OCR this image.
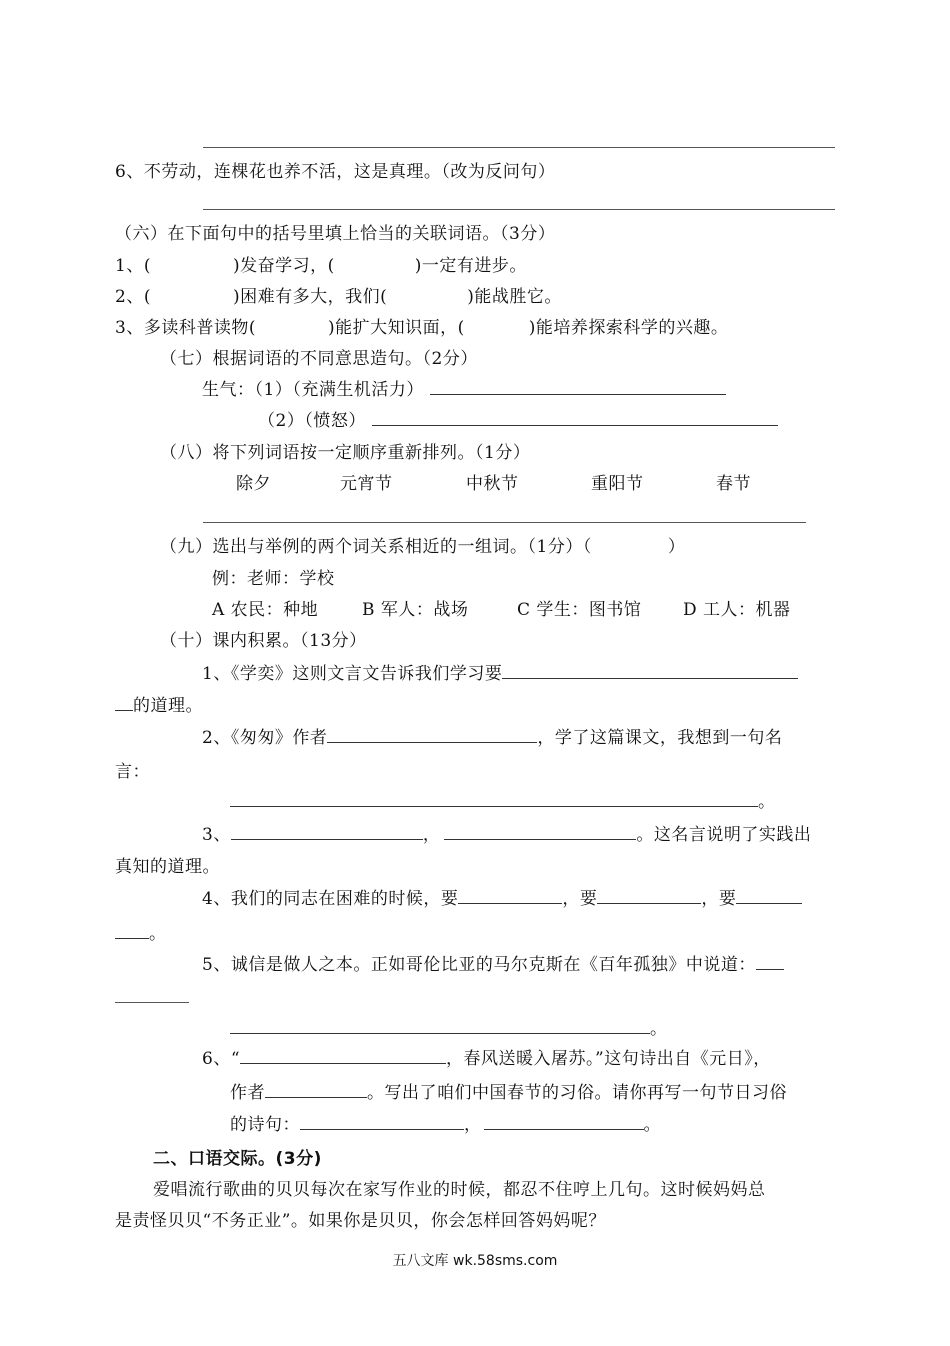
6、不劳动，连棵花也养不活，这是真理。（改为反问句）
（六）在下面句中的括号里填上恰当的关联词语。（3分）
1、(	)发奋学习，(	)一定有进步。
2、(	)困难有多大，我们(	)能战胜它。
3、多读科普读物(	)能扩大知识面，(	)能培养探索科学的兴趣。
（七）根据词语的不同意思造句。（2分）
生气：（1）（充满生机活力）
（2）（愤怒）
（八）将下列词语按一定顺序重新排列。（1分）
除夕	元宵节	中秋节	重阳节	春节
（九）选出与举例的两个词关系相近的一组词。（1分）（	）
例：老师：学校
A 农民：种地	B 军人：战场	C 学生：图书馆 D 工人：机器
（十）课内积累。（13分）
1、《学奕》这则文言文告诉我们学习要
的道理。
2、《匆匆》作者	，学了这篇课文，我想到一句名
言：
。
3、	，	。这名言说明了实践出
真知的道理。
4、我们的同志在困难的时候，要	，要	，要
。
5、诚信是做人之本。正如哥伦比亚的马尔克斯在《百年孤独》中说道：
。
6、“	，春风送暖入屠苏。”这句诗出自《元日》，
作者	。写出了咱们中国春节的习俗。请你再写一句节日习俗
的诗句：	，	。
二、口语交际。(3分)
爱唱流行歌曲的贝贝每次在家写作业的时候，都忍不住哼上几句。这时候妈妈总
是责怪贝贝“不务正业”。如果你是贝贝，你会怎样回答妈妈呢？
五八文库 wk.58sms.com
